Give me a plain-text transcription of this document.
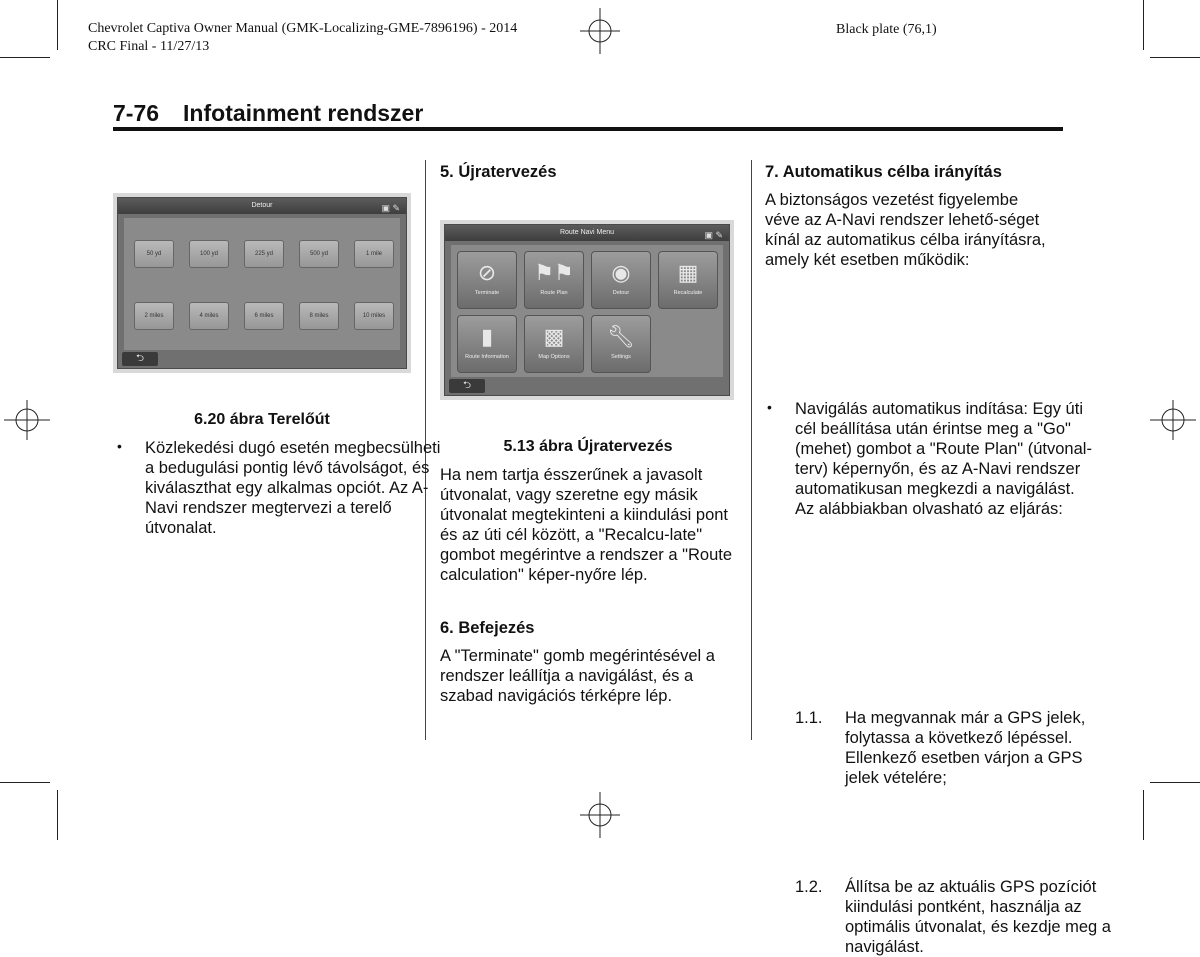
Chevrolet Captiva Owner Manual (GMK-Localizing-GME-7896196) - 2014
CRC Final - 11/27/13
Black plate (76,1)
7-76 Infotainment rendszer
Detour	▣ ✎
50 yd	100 yd	225 yd	500 yd	1 mile
2 miles	4 miles	6 miles	8 miles	10 miles
⮌
6.20 ábra Terelőút
• Közlekedési dugó esetén megbecsülheti a bedugulási pontig lévő távolságot, és kiválaszthat egy alkalmas opciót. Az A-Navi rendszer megtervezi a terelő útvonalat.

5. Újratervezés
Route Navi Menu	▣ ✎
⊘
Terminate
⚑⚑
Route Plan
◉
Detour
▦
Recalculate
▮
Route Information
▩
Map Options
🔧︎
Settings
⮌
5.13 ábra Újratervezés

Ha nem tartja ésszerűnek a javasolt útvonalat, vagy szeretne egy másik útvonalat megtekinteni a kiindulási pont és az úti cél között, a "Recalcu-late" gombot megérintve a rendszer a "Route calculation" képer-nyőre lép.

6. Befejezés

A "Terminate" gomb megérintésével a rendszer leállítja a navigálást, és a szabad navigációs térképre lép.

7. Automatikus célba irányítás

A biztonságos vezetést figyelembe véve az A-Navi rendszer lehető-séget kínál az automatikus célba irányításra, amely két esetben működik:

• Navigálás automatikus indítása: Egy úti cél beállítása után érintse meg a "Go" (mehet) gombot a "Route Plan" (útvonal-terv) képernyőn, és az A-Navi rendszer automatikusan megkezdi a navigálást. Az alábbiakban olvasható az eljárás:

1.1. Ha megvannak már a GPS jelek, folytassa a következő lépéssel. Ellenkező esetben várjon a GPS jelek vételére;

1.2. Állítsa be az aktuális GPS pozíciót kiindulási pontként, használja az optimális útvonalat, és kezdje meg a navigálást.
